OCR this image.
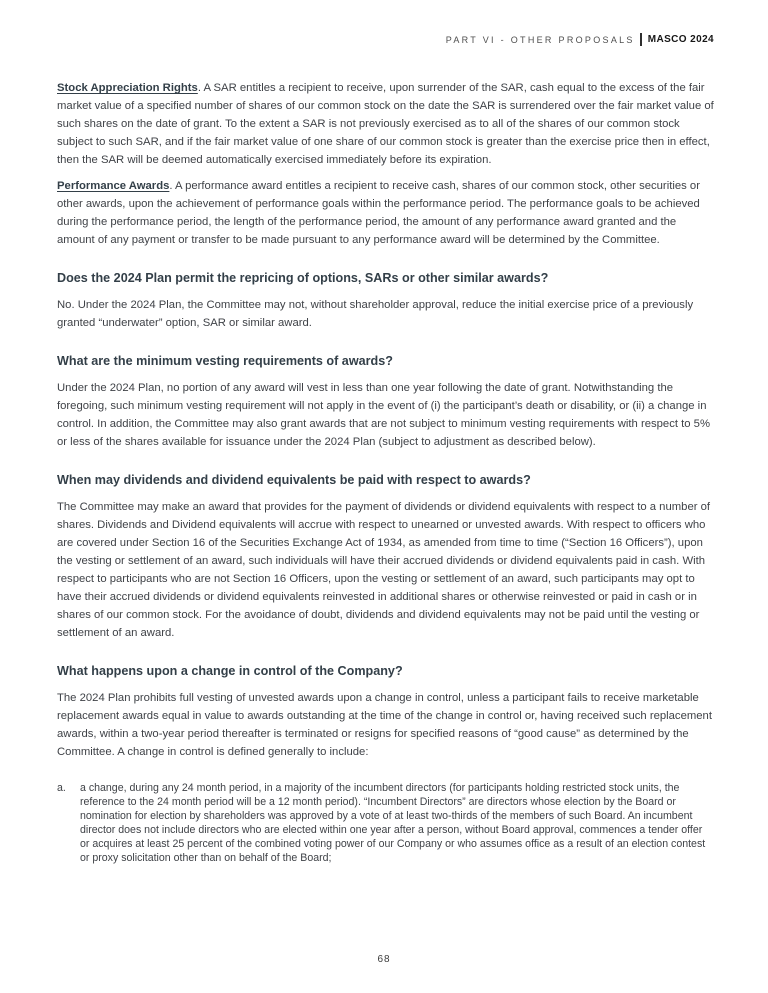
PART VI - OTHER PROPOSALS MASCO 2024

Stock Appreciation Rights. A SAR entitles a recipient to receive, upon surrender of the SAR, cash equal to the excess of the fair market value of a specified number of shares of our common stock on the date the SAR is surrendered over the fair market value of such shares on the date of grant. To the extent a SAR is not previously exercised as to all of the shares of our common stock subject to such SAR, and if the fair market value of one share of our common stock is greater than the exercise price then in effect, then the SAR will be deemed automatically exercised immediately before its expiration.

Performance Awards. A performance award entitles a recipient to receive cash, shares of our common stock, other securities or other awards, upon the achievement of performance goals within the performance period. The performance goals to be achieved during the performance period, the length of the performance period, the amount of any performance award granted and the amount of any payment or transfer to be made pursuant to any performance award will be determined by the Committee.

Does the 2024 Plan permit the repricing of options, SARs or other similar awards?

No. Under the 2024 Plan, the Committee may not, without shareholder approval, reduce the initial exercise price of a previously granted “underwater” option, SAR or similar award.

What are the minimum vesting requirements of awards?

Under the 2024 Plan, no portion of any award will vest in less than one year following the date of grant. Notwithstanding the foregoing, such minimum vesting requirement will not apply in the event of (i) the participant’s death or disability, or (ii) a change in control. In addition, the Committee may also grant awards that are not subject to minimum vesting requirements with respect to 5% or less of the shares available for issuance under the 2024 Plan (subject to adjustment as described below).

When may dividends and dividend equivalents be paid with respect to awards?

The Committee may make an award that provides for the payment of dividends or dividend equivalents with respect to a number of shares. Dividends and Dividend equivalents will accrue with respect to unearned or unvested awards. With respect to officers who are covered under Section 16 of the Securities Exchange Act of 1934, as amended from time to time (“Section 16 Officers”), upon the vesting or settlement of an award, such individuals will have their accrued dividends or dividend equivalents paid in cash. With respect to participants who are not Section 16 Officers, upon the vesting or settlement of an award, such participants may opt to have their accrued dividends or dividend equivalents reinvested in additional shares or otherwise reinvested or paid in cash or in shares of our common stock. For the avoidance of doubt, dividends and dividend equivalents may not be paid until the vesting or settlement of an award.

What happens upon a change in control of the Company?

The 2024 Plan prohibits full vesting of unvested awards upon a change in control, unless a participant fails to receive marketable replacement awards equal in value to awards outstanding at the time of the change in control or, having received such replacement awards, within a two-year period thereafter is terminated or resigns for specified reasons of “good cause” as determined by the Committee. A change in control is defined generally to include:

a.	a change, during any 24 month period, in a majority of the incumbent directors (for participants holding restricted stock units, the reference to the 24 month period will be a 12 month period). “Incumbent Directors” are directors whose election by the Board or nomination for election by shareholders was approved by a vote of at least two-thirds of the members of such Board. An incumbent director does not include directors who are elected within one year after a person, without Board approval, commences a tender offer or acquires at least 25 percent of the combined voting power of our Company or who assumes office as a result of an election contest or proxy solicitation other than on behalf of the Board;
68
